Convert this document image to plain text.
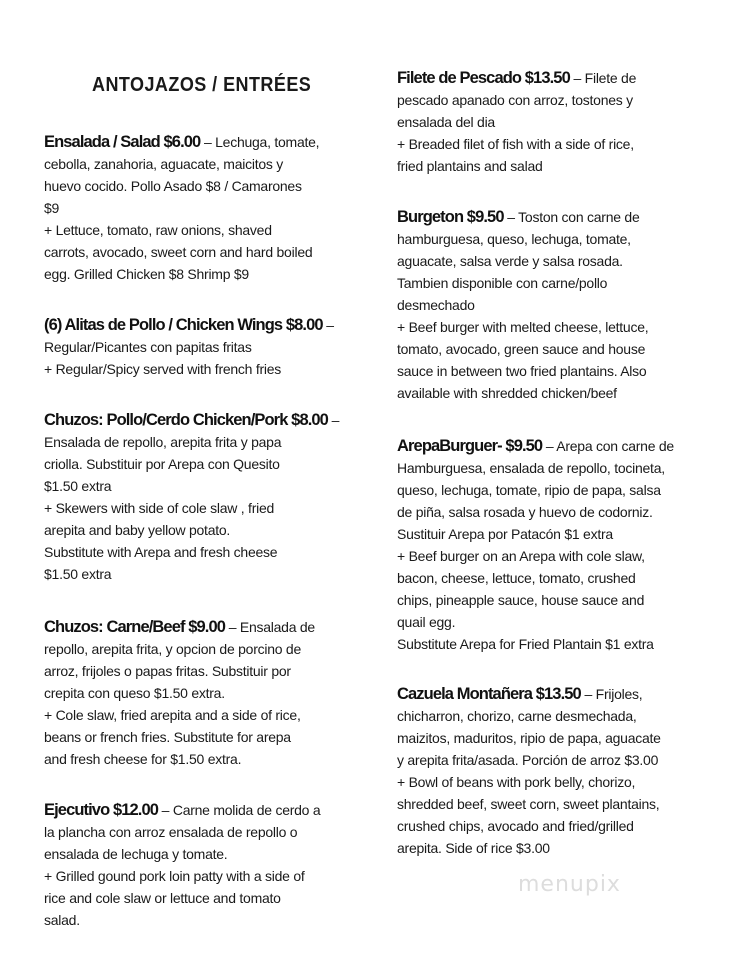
ANTOJAZOS / ENTRÉES
Ensalada / Salad $6.00 – Lechuga, tomate,
cebolla, zanahoria, aguacate, maicitos y
huevo cocido. Pollo Asado $8 / Camarones
$9
+ Lettuce, tomato, raw onions, shaved
carrots, avocado, sweet corn and hard boiled
egg. Grilled Chicken $8 Shrimp $9
(6) Alitas de Pollo / Chicken Wings $8.00 –
Regular/Picantes con papitas fritas
+ Regular/Spicy served with french fries
Chuzos: Pollo/Cerdo Chicken/Pork $8.00 –
Ensalada de repollo, arepita frita y papa
criolla. Substituir por Arepa con Quesito
$1.50 extra
+ Skewers with side of cole slaw , fried
arepita and baby yellow potato.
Substitute with Arepa and fresh cheese
$1.50 extra
Chuzos: Carne/Beef $9.00 – Ensalada de
repollo, arepita frita, y opcion de porcino de
arroz, frijoles o papas fritas. Substituir por
crepita con queso $1.50 extra.
+ Cole slaw, fried arepita and a side of rice,
beans or french fries. Substitute for arepa
and fresh cheese for $1.50 extra.
Ejecutivo $12.00 – Carne molida de cerdo a
la plancha con arroz ensalada de repollo o
ensalada de lechuga y tomate.
+ Grilled gound pork loin patty with a side of
rice and cole slaw or lettuce and tomato
salad.
Filete de Pescado $13.50 – Filete de
pescado apanado con arroz, tostones y
ensalada del dia
+ Breaded filet of fish with a side of rice,
fried plantains and salad
Burgeton $9.50 – Toston con carne de
hamburguesa, queso, lechuga, tomate,
aguacate, salsa verde y salsa rosada.
Tambien disponible con carne/pollo
desmechado
+ Beef burger with melted cheese, lettuce,
tomato, avocado, green sauce and house
sauce in between two fried plantains. Also
available with shredded chicken/beef
ArepaBurguer- $9.50 – Arepa con carne de
Hamburguesa, ensalada de repollo, tocineta,
queso, lechuga, tomate, ripio de papa, salsa
de piña, salsa rosada y huevo de codorniz.
Sustituir Arepa por Patacón $1 extra
+ Beef burger on an Arepa with cole slaw,
bacon, cheese, lettuce, tomato, crushed
chips, pineapple sauce, house sauce and
quail egg.
Substitute Arepa for Fried Plantain $1 extra
Cazuela Montañera $13.50 – Frijoles,
chicharron, chorizo, carne desmechada,
maizitos, maduritos, ripio de papa, aguacate
y arepita frita/asada. Porción de arroz $3.00
+ Bowl of beans with pork belly, chorizo,
shredded beef, sweet corn, sweet plantains,
crushed chips, avocado and fried/grilled
arepita. Side of rice $3.00
menupix
